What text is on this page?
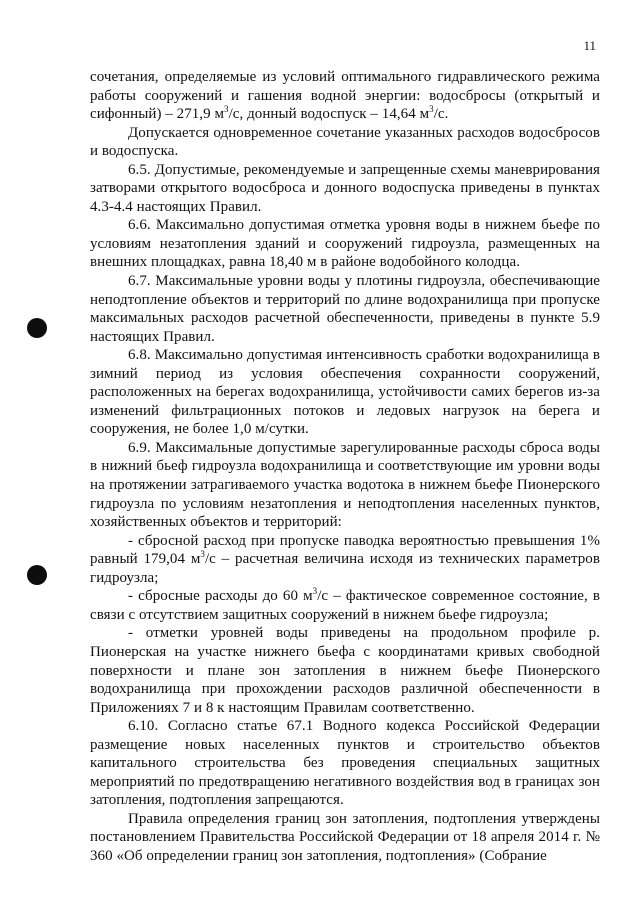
11

сочетания, определяемые из условий оптимального гидравлического режима работы сооружений и гашения водной энергии: водосбросы (открытый и сифонный) – 271,9 $м^3/с$, донный водоспуск – 14,64 $м^3/с$.

Допускается одновременное сочетание указанных расходов водосбросов и водоспуска.

6.5. Допустимые, рекомендуемые и запрещенные схемы маневрирования затворами открытого водосброса и донного водоспуска приведены в пунктах 4.3-4.4 настоящих Правил.

6.6. Максимально допустимая отметка уровня воды в нижнем бьефе по условиям незатопления зданий и сооружений гидроузла, размещенных на внешних площадках, равна 18,40 м в районе водобойного колодца.

6.7. Максимальные уровни воды у плотины гидроузла, обеспечивающие неподтопление объектов и территорий по длине водохранилища при пропуске максимальных расходов расчетной обеспеченности, приведены в пункте 5.9 настоящих Правил.

6.8. Максимально допустимая интенсивность сработки водохранилища в зимний период из условия обеспечения сохранности сооружений, расположенных на берегах водохранилища, устойчивости самих берегов из-за изменений фильтрационных потоков и ледовых нагрузок на берега и сооружения, не более 1,0 м/сутки.

6.9. Максимальные допустимые зарегулированные расходы сброса воды в нижний бьеф гидроузла водохранилища и соответствующие им уровни воды на протяжении затрагиваемого участка водотока в нижнем бьефе Пионерского гидроузла по условиям незатопления и неподтопления населенных пунктов, хозяйственных объектов и территорий:

- сбросной расход при пропуске паводка вероятностью превышения 1% равный 179,04 $м^3/с$ – расчетная величина исходя из технических параметров гидроузла;

- сбросные расходы до 60 $м^3/с$ – фактическое современное состояние, в связи с отсутствием защитных сооружений в нижнем бьефе гидроузла;

- отметки уровней воды приведены на продольном профиле р. Пионерская на участке нижнего бьефа с координатами кривых свободной поверхности и плане зон затопления в нижнем бьефе Пионерского водохранилища при прохождении расходов различной обеспеченности в Приложениях 7 и 8 к настоящим Правилам соответственно.

6.10. Согласно статье 67.1 Водного кодекса Российской Федерации размещение новых населенных пунктов и строительство объектов капитального строительства без проведения специальных защитных мероприятий по предотвращению негативного воздействия вод в границах зон затопления, подтопления запрещаются.

Правила определения границ зон затопления, подтопления утверждены постановлением Правительства Российской Федерации от 18 апреля 2014 г. № 360 «Об определении границ зон затопления, подтопления» (Собрание
